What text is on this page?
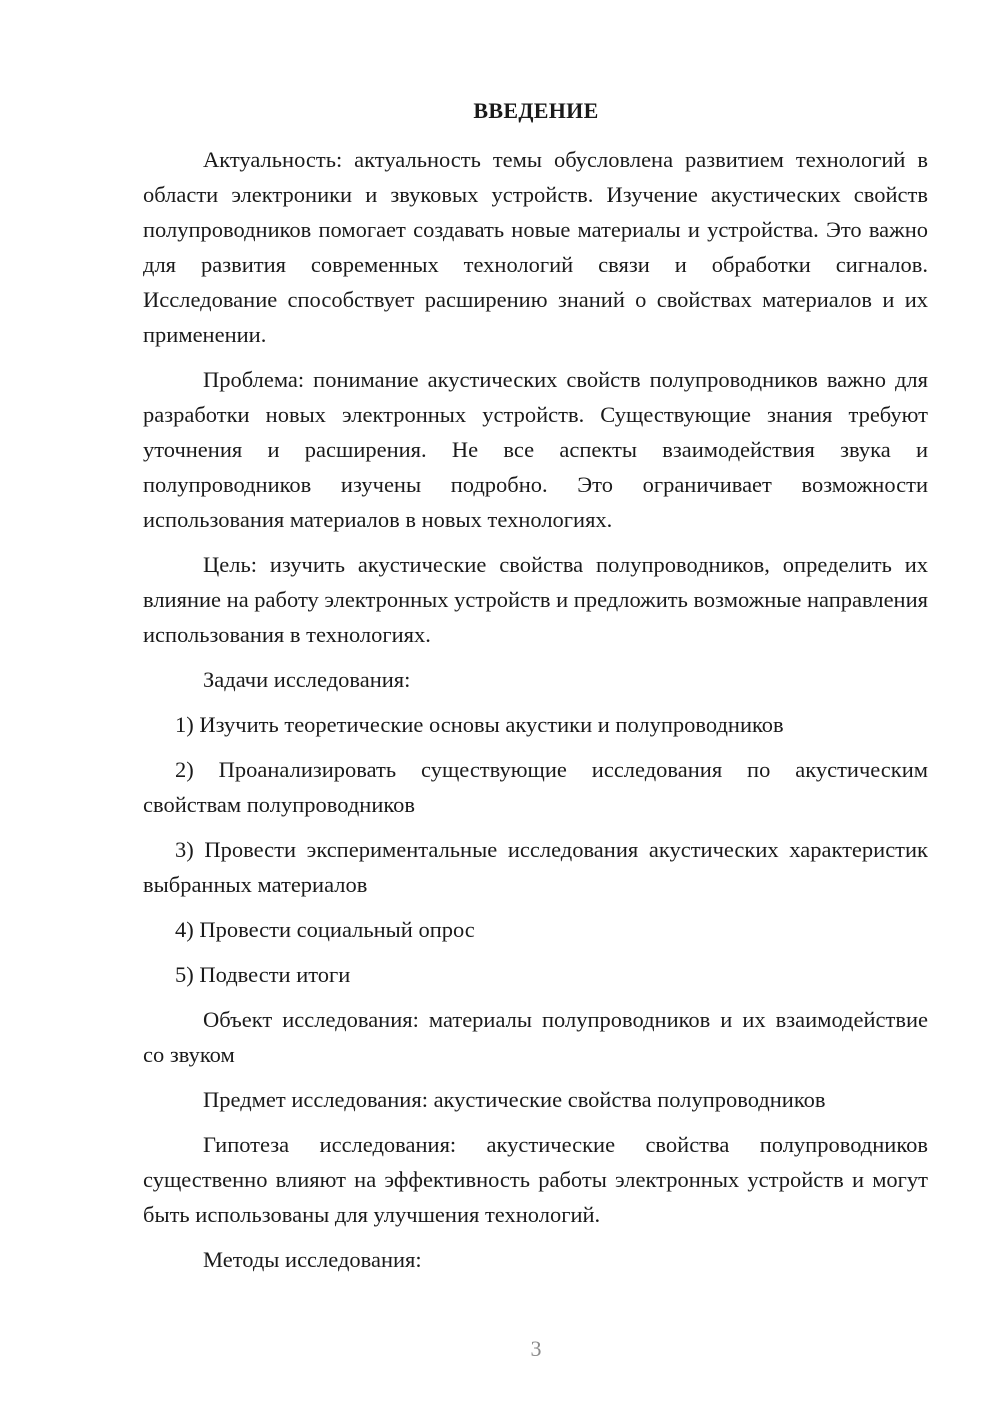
ВВЕДЕНИЕ

Актуальность: актуальность темы обусловлена развитием технологий в области электроники и звуковых устройств. Изучение акустических свойств полупроводников помогает создавать новые материалы и устройства. Это важно для развития современных технологий связи и обработки сигналов. Исследование способствует расширению знаний о свойствах материалов и их применении.

Проблема: понимание акустических свойств полупроводников важно для разработки новых электронных устройств. Существующие знания требуют уточнения и расширения. Не все аспекты взаимодействия звука и полупроводников изучены подробно. Это ограничивает возможности использования материалов в новых технологиях.

Цель: изучить акустические свойства полупроводников, определить их влияние на работу электронных устройств и предложить возможные направления использования в технологиях.

Задачи исследования:

1) Изучить теоретические основы акустики и полупроводников

2) Проанализировать существующие исследования по акустическим свойствам полупроводников

3) Провести экспериментальные исследования акустических характеристик выбранных материалов

4) Провести социальный опрос

5) Подвести итоги

Объект исследования: материалы полупроводников и их взаимодействие со звуком

Предмет исследования: акустические свойства полупроводников

Гипотеза исследования: акустические свойства полупроводников существенно влияют на эффективность работы электронных устройств и могут быть использованы для улучшения технологий.

Методы исследования:

3
